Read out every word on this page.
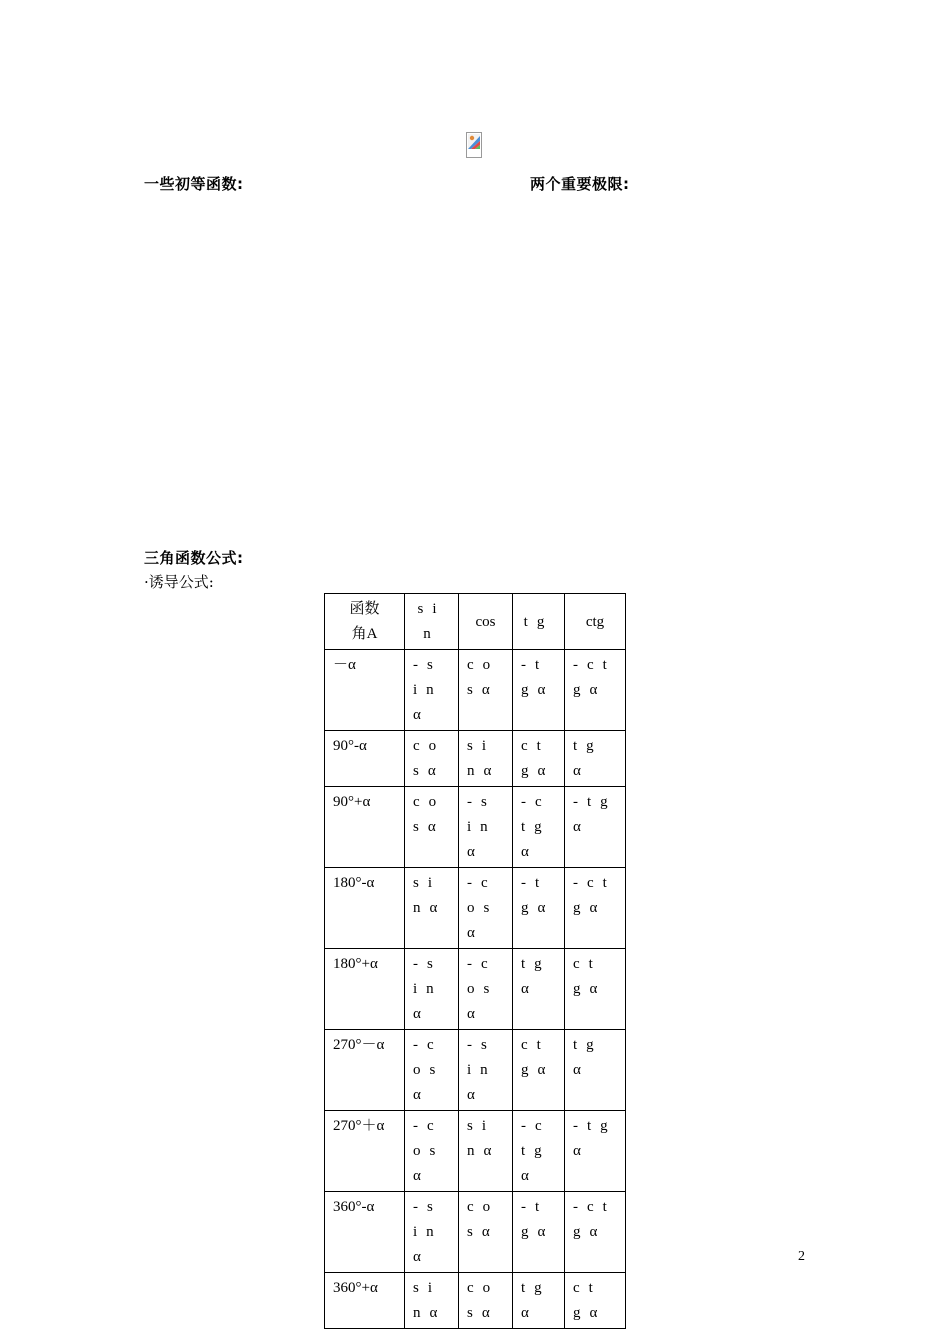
一些初等函数:	两个重要极限:
三角函数公式:
·诱导公式:
函数
角A	sin	cos	tg	ctg
－α	-sinα	cosα	-tgα	-ctgα
90°-α	cosα	sinα	ctgα	tgα
90°+α	cosα	-sinα	-ctgα	-tgα
180°-α	sinα	-cosα	-tgα	-ctgα
180°+α	-sinα	-cosα	tgα	ctgα
270°－α	-cosα	-sinα	ctgα	tgα
270°＋α	-cosα	sinα	-ctgα	-tgα
360°-α	-sinα	cosα	-tgα	-ctgα
360°+α	sinα	cosα	tgα	ctgα
2
